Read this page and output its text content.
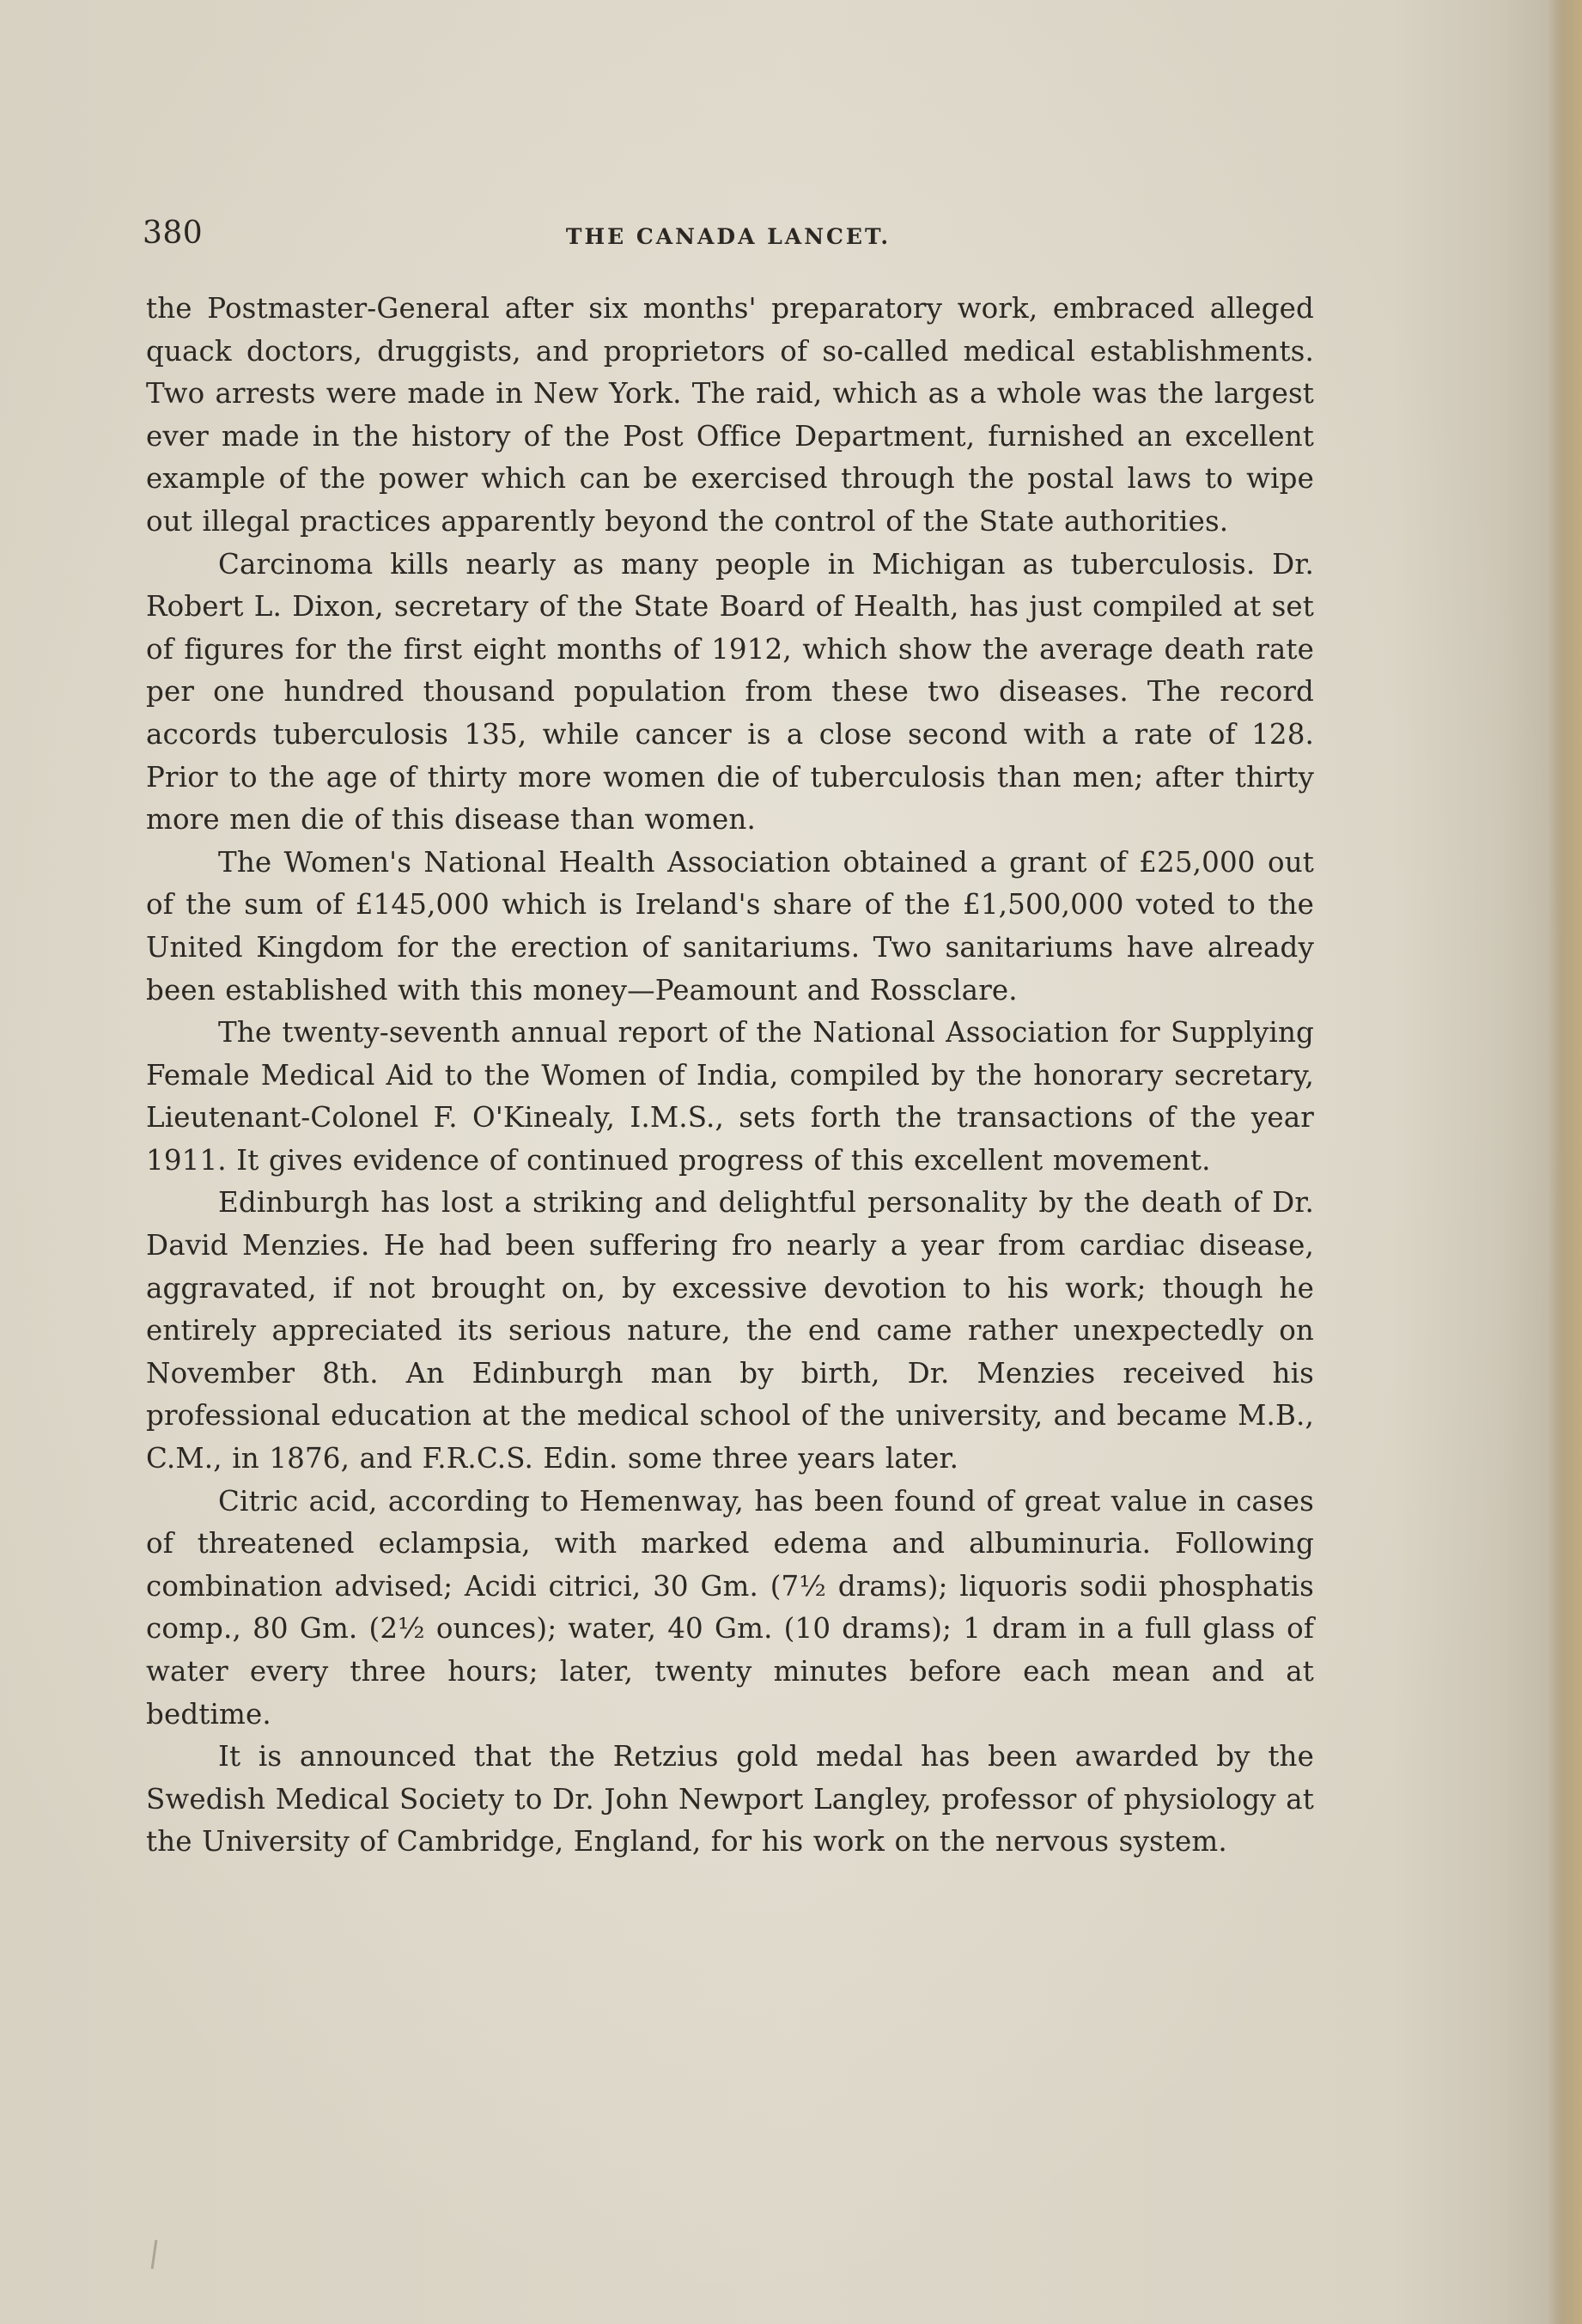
380	THE CANADA LANCET.

the Postmaster-General after six months' preparatory work, embraced alleged quack doctors, druggists, and proprietors of so-called medical establishments. Two arrests were made in New York. The raid, which as a whole was the largest ever made in the history of the Post Office Department, furnished an excellent example of the power which can be exercised through the postal laws to wipe out illegal practices apparently beyond the control of the State authorities.

Carcinoma kills nearly as many people in Michigan as tuberculosis. Dr. Robert L. Dixon, secretary of the State Board of Health, has just compiled at set of figures for the first eight months of 1912, which show the average death rate per one hundred thousand population from these two diseases. The record accords tuberculosis 135, while cancer is a close second with a rate of 128. Prior to the age of thirty more women die of tuberculosis than men; after thirty more men die of this disease than women.

The Women's National Health Association obtained a grant of £25,000 out of the sum of £145,000 which is Ireland's share of the £1,500,000 voted to the United Kingdom for the erection of sanitariums. Two sanitariums have already been established with this money—Peamount and Rossclare.

The twenty-seventh annual report of the National Association for Supplying Female Medical Aid to the Women of India, compiled by the honorary secretary, Lieutenant-Colonel F. O'Kinealy, I.M.S., sets forth the transactions of the year 1911. It gives evidence of continued progress of this excellent movement.

Edinburgh has lost a striking and delightful personality by the death of Dr. David Menzies. He had been suffering fro nearly a year from cardiac disease, aggravated, if not brought on, by excessive devotion to his work; though he entirely appreciated its serious nature, the end came rather unexpectedly on November 8th. An Edinburgh man by birth, Dr. Menzies received his professional education at the medical school of the university, and became M.B., C.M., in 1876, and F.R.C.S. Edin. some three years later.

Citric acid, according to Hemenway, has been found of great value in cases of threatened eclampsia, with marked edema and albuminuria. Following combination advised; Acidi citrici, 30 Gm. (7½ drams); liquoris sodii phosphatis comp., 80 Gm. (2½ ounces); water, 40 Gm. (10 drams); 1 dram in a full glass of water every three hours; later, twenty minutes before each mean and at bedtime.

It is announced that the Retzius gold medal has been awarded by the Swedish Medical Society to Dr. John Newport Langley, professor of physiology at the University of Cambridge, England, for his work on the nervous system.
